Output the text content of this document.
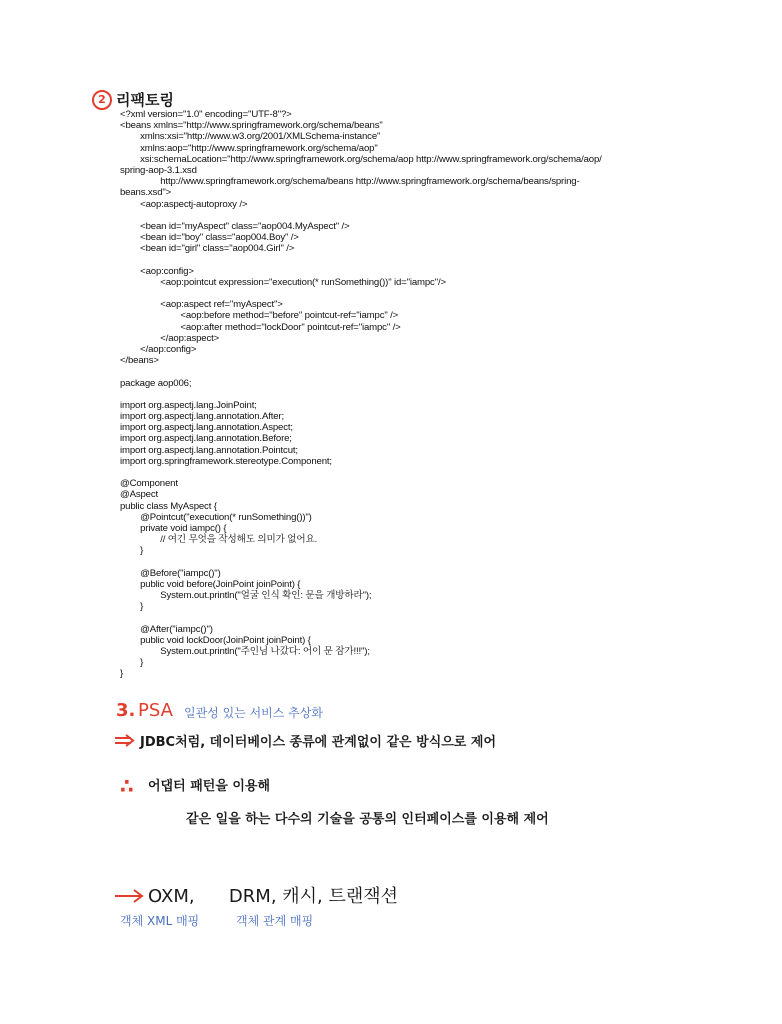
2 리팩토링
<?xml version="1.0" encoding="UTF-8"?>
<beans xmlns="http://www.springframework.org/schema/beans"
xmlns:xsi="http://www.w3.org/2001/XMLSchema-instance"
xmlns:aop="http://www.springframework.org/schema/aop"
xsi:schemaLocation="http://www.springframework.org/schema/aop http://www.springframework.org/schema/aop/
spring-aop-3.1.xsd
http://www.springframework.org/schema/beans http://www.springframework.org/schema/beans/spring-
beans.xsd">
<aop:aspectj-autoproxy />
<bean id="myAspect" class="aop004.MyAspect" />
<bean id="boy" class="aop004.Boy" />
<bean id="girl" class="aop004.Girl" />
<aop:config>
<aop:pointcut expression="execution(* runSomething())" id="iampc"/>
<aop:aspect ref="myAspect">
<aop:before method="before" pointcut-ref="iampc" />
<aop:after method="lockDoor" pointcut-ref="iampc" />
</aop:aspect>
</aop:config>
</beans>
package aop006;
import org.aspectj.lang.JoinPoint;
import org.aspectj.lang.annotation.After;
import org.aspectj.lang.annotation.Aspect;
import org.aspectj.lang.annotation.Before;
import org.aspectj.lang.annotation.Pointcut;
import org.springframework.stereotype.Component;
@Component
@Aspect
public class MyAspect {
@Pointcut("execution(* runSomething())")
private void iampc() {
// 여긴 무엇을 작성해도 의미가 없어요.
}
@Before("iampc()")
public void before(JoinPoint joinPoint) {
System.out.println("얼굴 인식 확인: 문을 개방하라");
}
@After("iampc()")
public void lockDoor(JoinPoint joinPoint) {
System.out.println("주인님 나갔다: 어이 문 잠가!!!");
}
}
3. PSA 일관성 있는 서비스 추상화
JDBC처럼, 데이터베이스 종류에 관계없이 같은 방식으로 제어
∴ 어댑터 패턴을 이용해
같은 일을 하는 다수의 기술을 공통의 인터페이스를 이용해 제어
OXM,      DRM, 캐시, 트랜잭션
객체 XML 매핑	객체 관계 매핑
